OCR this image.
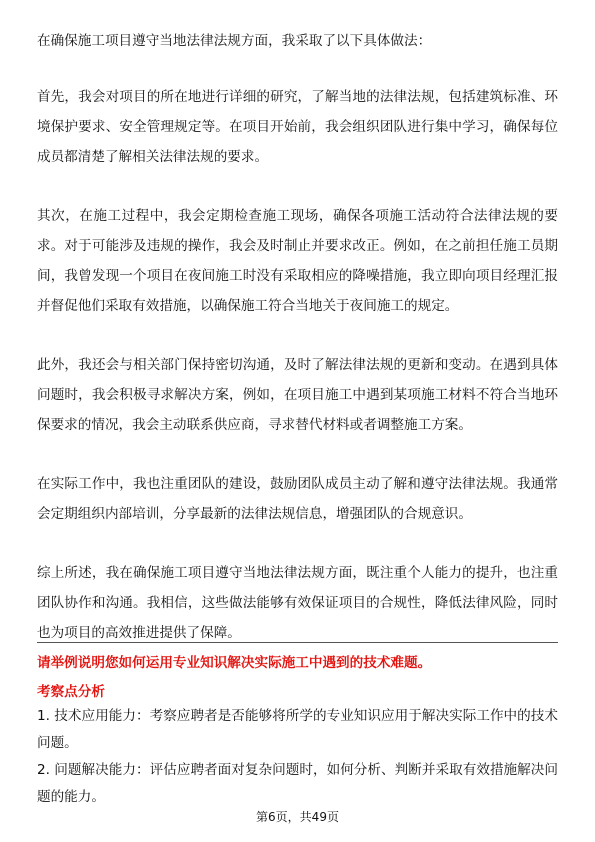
在确保施工项目遵守当地法律法规方面，我采取了以下具体做法：

首先，我会对项目的所在地进行详细的研究，了解当地的法律法规，包括建筑标准、环境保护要求、安全管理规定等。在项目开始前，我会组织团队进行集中学习，确保每位成员都清楚了解相关法律法规的要求。

其次，在施工过程中，我会定期检查施工现场，确保各项施工活动符合法律法规的要求。对于可能涉及违规的操作，我会及时制止并要求改正。例如，在之前担任施工员期间，我曾发现一个项目在夜间施工时没有采取相应的降噪措施，我立即向项目经理汇报并督促他们采取有效措施，以确保施工符合当地关于夜间施工的规定。

此外，我还会与相关部门保持密切沟通，及时了解法律法规的更新和变动。在遇到具体问题时，我会积极寻求解决方案，例如，在项目施工中遇到某项施工材料不符合当地环保要求的情况，我会主动联系供应商，寻求替代材料或者调整施工方案。

在实际工作中，我也注重团队的建设，鼓励团队成员主动了解和遵守法律法规。我通常会定期组织内部培训，分享最新的法律法规信息，增强团队的合规意识。

综上所述，我在确保施工项目遵守当地法律法规方面，既注重个人能力的提升，也注重团队协作和沟通。我相信，这些做法能够有效保证项目的合规性，降低法律风险，同时也为项目的高效推进提供了保障。

请举例说明您如何运用专业知识解决实际施工中遇到的技术难题。

考察点分析

1. 技术应用能力：考察应聘者是否能够将所学的专业知识应用于解决实际工作中的技术问题。

2. 问题解决能力：评估应聘者面对复杂问题时，如何分析、判断并采取有效措施解决问题的能力。

第6页，共49页
